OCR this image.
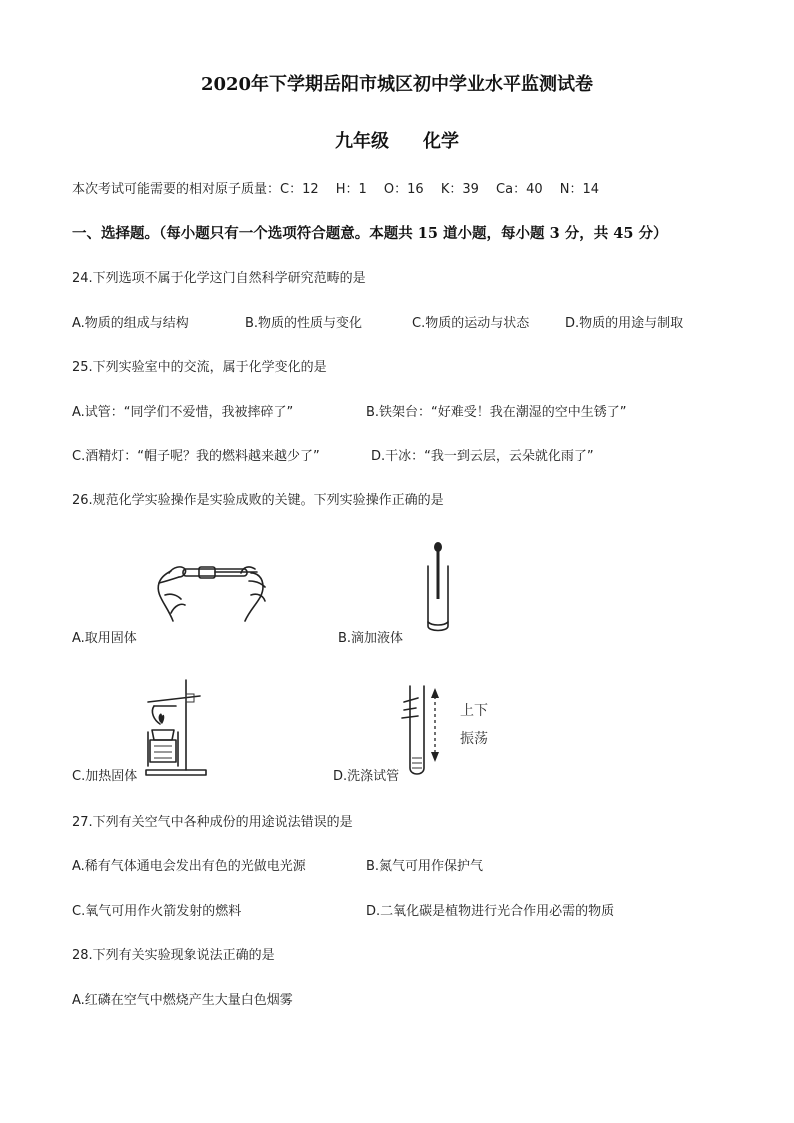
2020年下学期岳阳市城区初中学业水平监测试卷
九年级 化学
本次考试可能需要的相对原子质量：C：12　 H：1　 O：16　 K：39　 Ca：40　 N：14
一、选择题。（每小题只有一个选项符合题意。本题共 15 道小题，每小题 3 分，共 45 分）
24.下列选项不属于化学这门自然科学研究范畴的是
A.物质的组成与结构	B.物质的性质与变化	C.物质的运动与状态	D.物质的用途与制取
25.下列实验室中的交流，属于化学变化的是
A.试管：“同学们不爱惜，我被摔碎了”	B.铁架台：“好难受！我在潮湿的空中生锈了”
C.酒精灯：“帽子呢？我的燃料越来越少了”	D.干冰：“我一到云层，云朵就化雨了”
26.规范化学实验操作是实验成败的关键。下列实验操作正确的是
A.取用固体	B.滴加液体
C.加热固体
上下
振荡
D.洗涤试管
27.下列有关空气中各种成份的用途说法错误的是
A.稀有气体通电会发出有色的光做电光源	B.氮气可用作保护气
C.氧气可用作火箭发射的燃料	D.二氧化碳是植物进行光合作用必需的物质
28.下列有关实验现象说法正确的是
A.红磷在空气中燃烧产生大量白色烟雾
